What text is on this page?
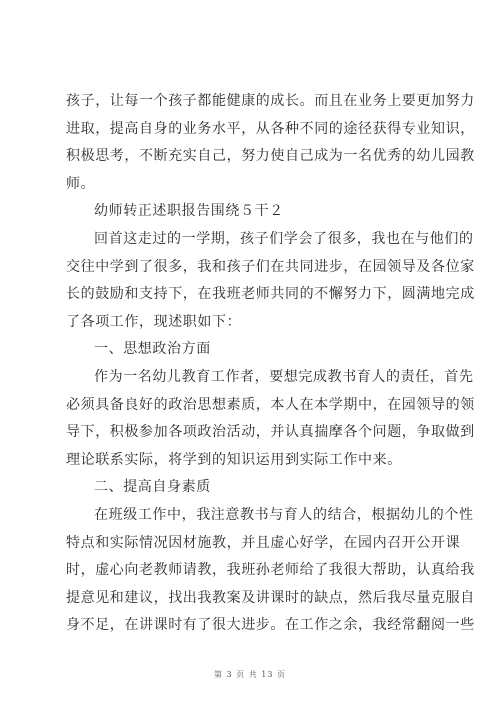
孩子，让每一个孩子都能健康的成长。而且在业务上要更加努力
进取，提高自身的业务水平，从各种不同的途径获得专业知识，
积极思考，不断充实自己，努力使自己成为一名优秀的幼儿园教
师。
幼师转正述职报告围绕５干２
回首这走过的一学期，孩子们学会了很多，我也在与他们的
交往中学到了很多，我和孩子们在共同进步，在园领导及各位家
长的鼓励和支持下，在我班老师共同的不懈努力下，圆满地完成
了各项工作，现述职如下：
一、思想政治方面
作为一名幼儿教育工作者，要想完成教书育人的责任，首先
必须具备良好的政治思想素质，本人在本学期中，在园领导的领
导下，积极参加各项政治活动，并认真揣摩各个问题，争取做到
理论联系实际，将学到的知识运用到实际工作中来。
二、提高自身素质
在班级工作中，我注意教书与育人的结合，根据幼儿的个性
特点和实际情况因材施教，并且虚心好学，在园内召开公开课
时，虚心向老教师请教，我班孙老师给了我很大帮助，认真给我
提意见和建议，找出我教案及讲课时的缺点，然后我尽量克服自
身不足，在讲课时有了很大进步。在工作之余，我经常翻阅一些
第 3 页 共 13 页
